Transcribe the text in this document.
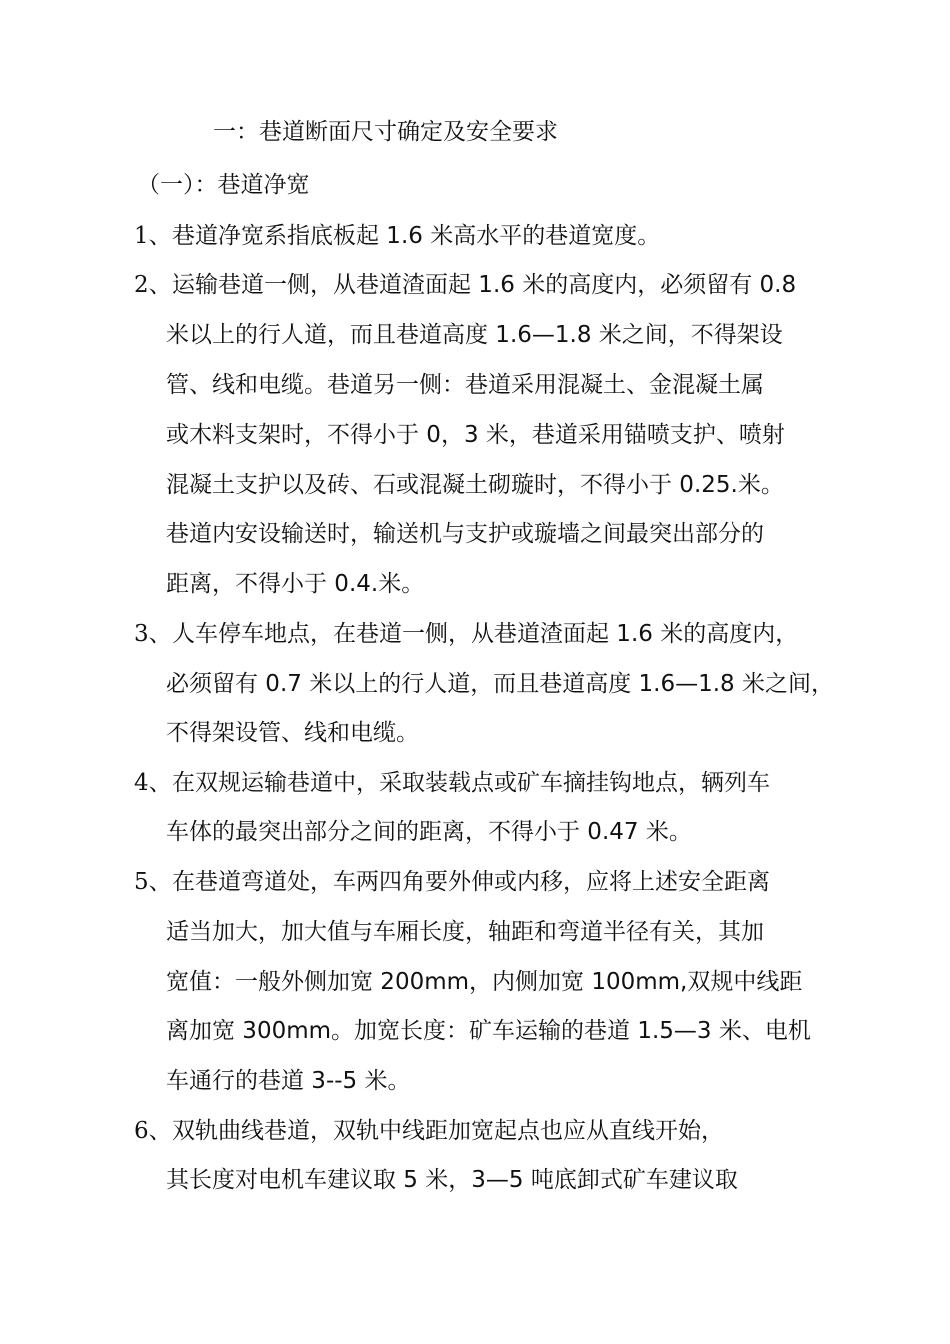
一：巷道断面尺寸确定及安全要求
（一）：巷道净宽
1、 巷道净宽系指底板起 1.6 米高水平的巷道宽度。
2、 运输巷道一侧，从巷道渣面起 1.6 米的高度内，必须留有 0.8
米以上的行人道，而且巷道高度 1.6—1.8 米之间，不得架设
管、线和电缆。巷道另一侧：巷道采用混凝土、金混凝土属
或木料支架时，不得小于 0，3 米，巷道采用锚喷支护、喷射
混凝土支护以及砖、石或混凝土砌璇时，不得小于 0.25.米。
巷道内安设输送时，输送机与支护或璇墙之间最突出部分的
距离，不得小于 0.4.米。
3、 人车停车地点，在巷道一侧，从巷道渣面起 1.6 米的高度内，
必须留有 0.7 米以上的行人道，而且巷道高度 1.6—1.8 米之间，
不得架设管、线和电缆。
4、 在双规运输巷道中，采取装载点或矿车摘挂钩地点，辆列车
车体的最突出部分之间的距离，不得小于 0.47 米。
5、 在巷道弯道处，车两四角要外伸或内移，应将上述安全距离
适当加大，加大值与车厢长度，轴距和弯道半径有关，其加
宽值：一般外侧加宽 200mm，内侧加宽 100mm,双规中线距
离加宽 300mm。加宽长度：矿车运输的巷道 1.5—3 米、电机
车通行的巷道 3--5 米。
6、 双轨曲线巷道，双轨中线距加宽起点也应从直线开始，
其长度对电机车建议取 5 米，3—5 吨底卸式矿车建议取
